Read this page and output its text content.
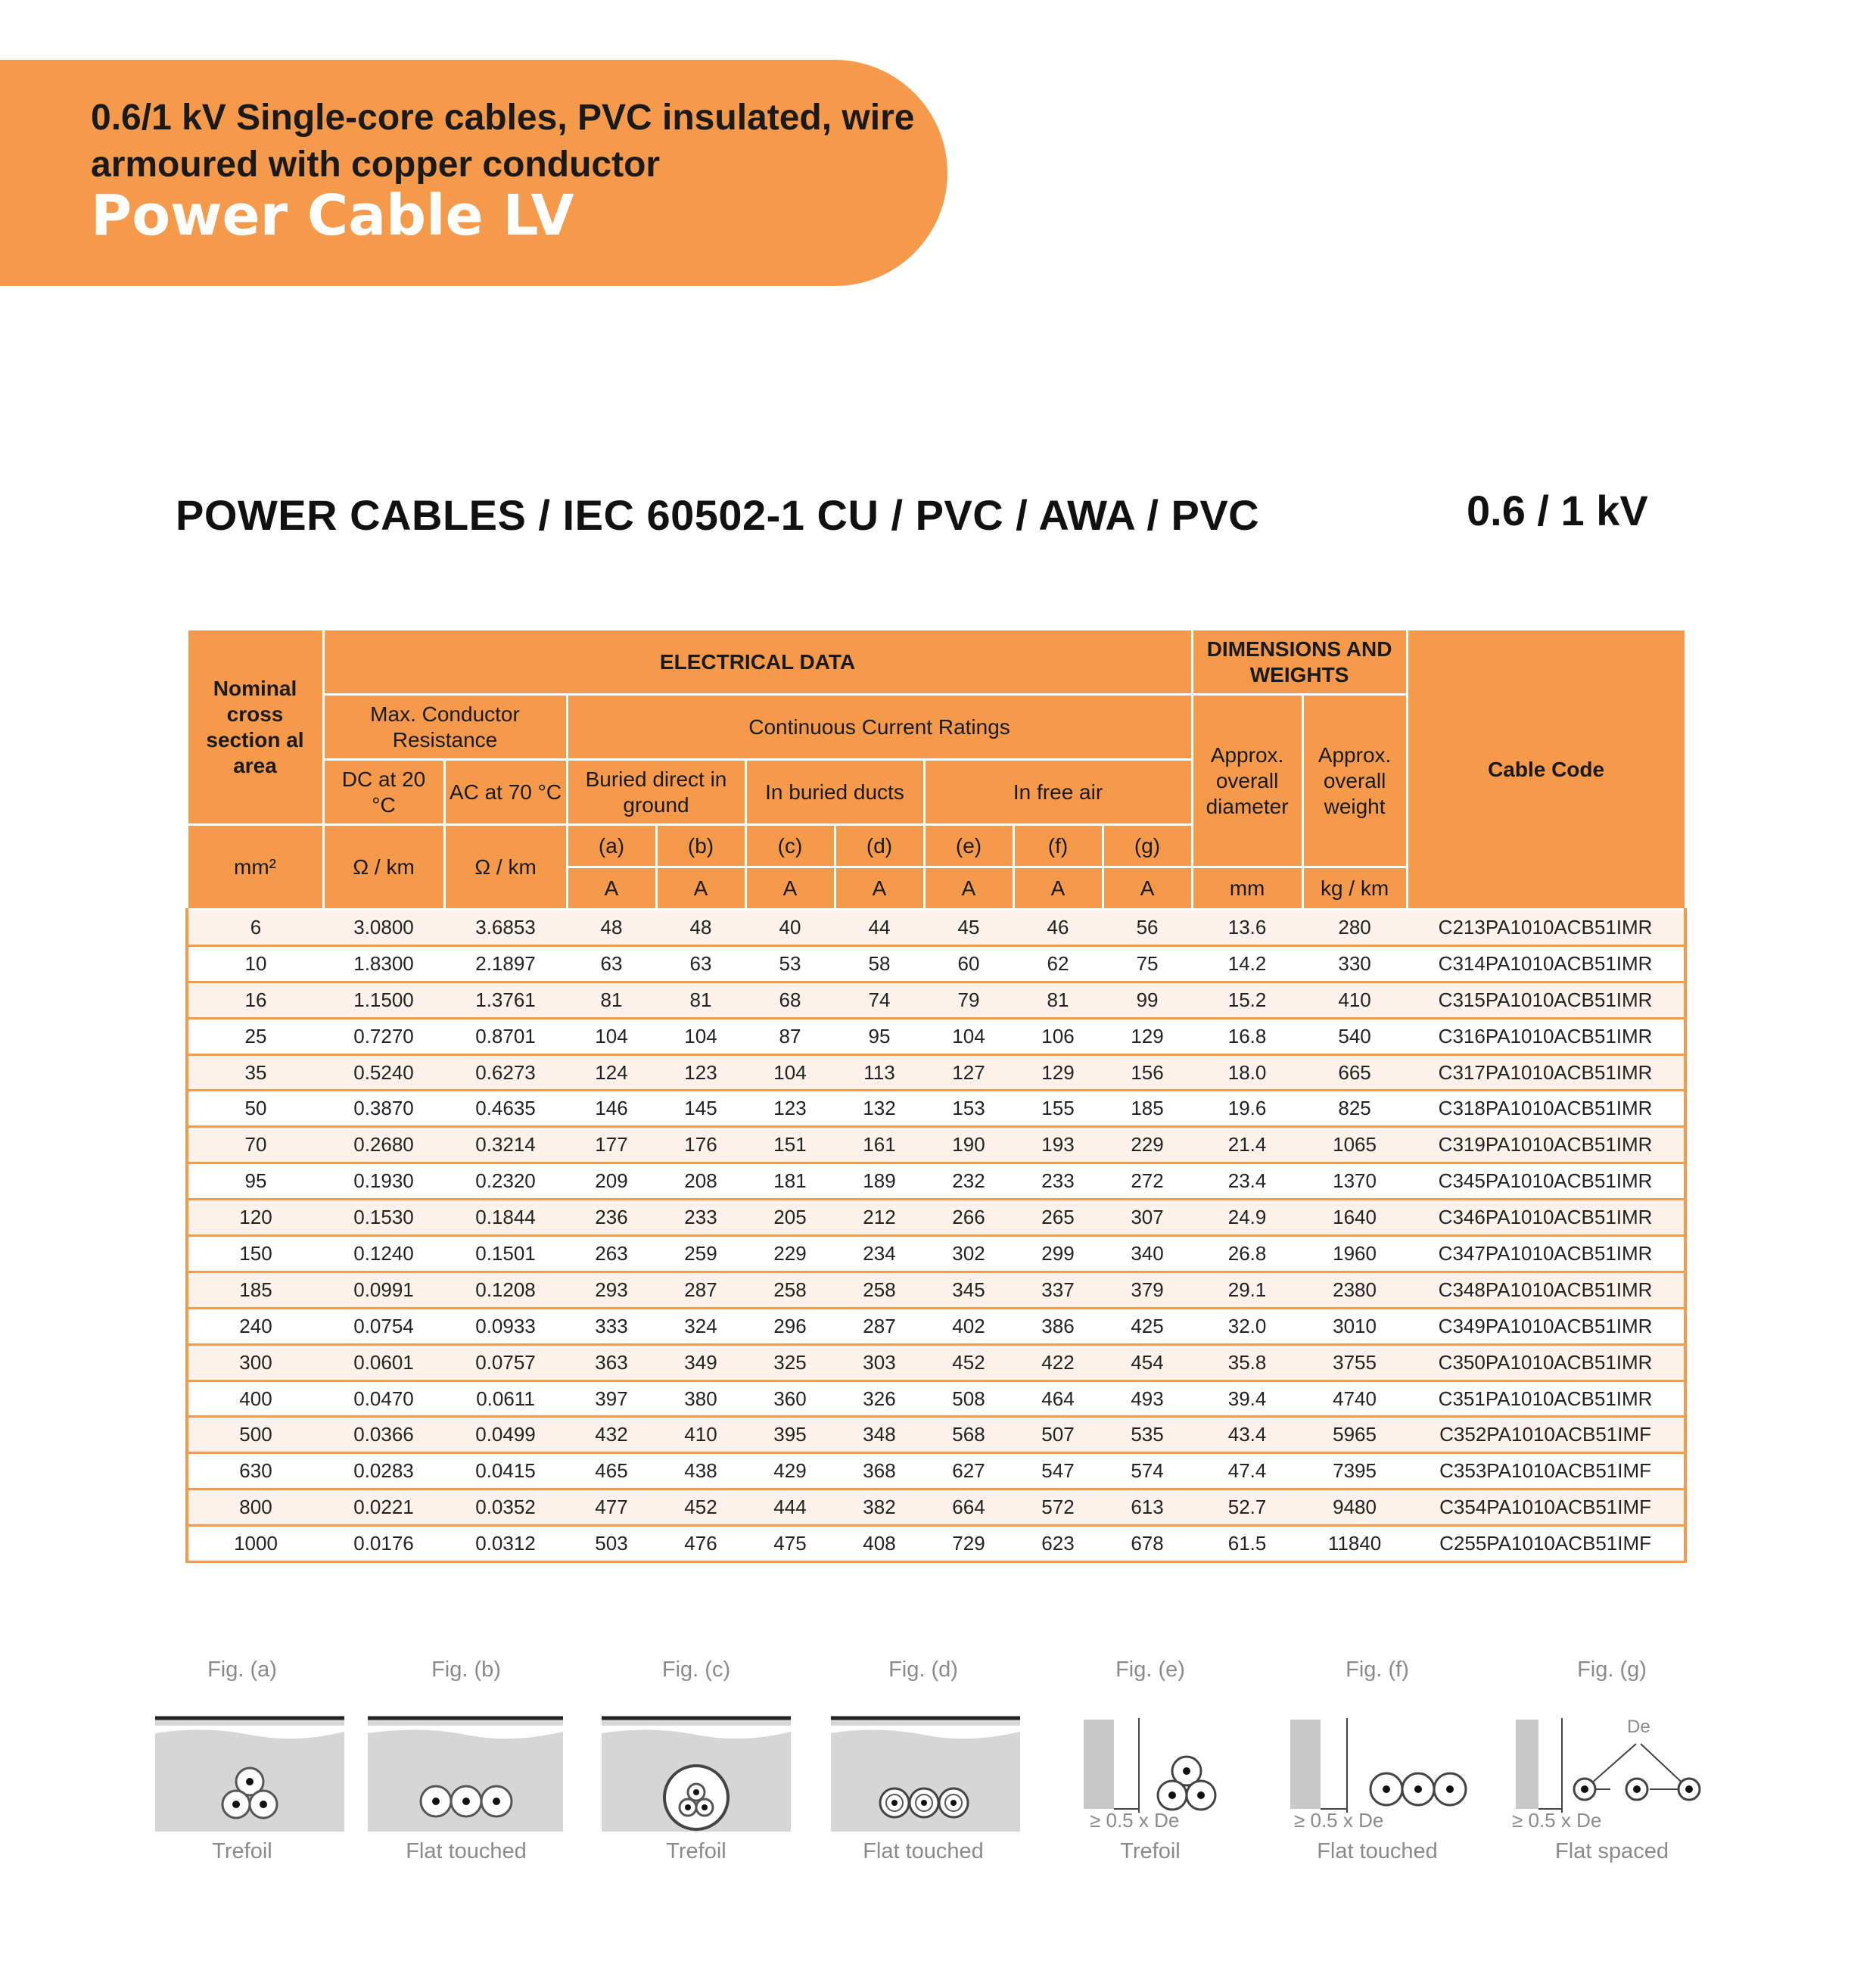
0.6/1 kV Single-core cables, PVC insulated, wire armoured with copper conductor
Power Cable LV
POWER CABLES / IEC 60502-1 CU / PVC / AWA / PVC	0.6 / 1 kV
Nominal cross section al area	ELECTRICAL DATA									DIMENSIONS AND WEIGHTS		Cable Code
	Max. Conductor Resistance		Continuous Current Ratings							Approx. overall diameter	Approx. overall weight	
	DC at 20 °C	AC at 70 °C	Buried direct in ground		In buried ducts		In free air					
mm²	Ω / km	Ω / km	(a)	(b)	(c)	(d)	(e)	(f)	(g)			
			A	A	A	A	A	A	A	mm	kg / km	
6	3.0800	3.6853	48	48	40	44	45	46	56	13.6	280	C213PA1010ACB51IMR
10	1.8300	2.1897	63	63	53	58	60	62	75	14.2	330	C314PA1010ACB51IMR
16	1.1500	1.3761	81	81	68	74	79	81	99	15.2	410	C315PA1010ACB51IMR
25	0.7270	0.8701	104	104	87	95	104	106	129	16.8	540	C316PA1010ACB51IMR
35	0.5240	0.6273	124	123	104	113	127	129	156	18.0	665	C317PA1010ACB51IMR
50	0.3870	0.4635	146	145	123	132	153	155	185	19.6	825	C318PA1010ACB51IMR
70	0.2680	0.3214	177	176	151	161	190	193	229	21.4	1065	C319PA1010ACB51IMR
95	0.1930	0.2320	209	208	181	189	232	233	272	23.4	1370	C345PA1010ACB51IMR
120	0.1530	0.1844	236	233	205	212	266	265	307	24.9	1640	C346PA1010ACB51IMR
150	0.1240	0.1501	263	259	229	234	302	299	340	26.8	1960	C347PA1010ACB51IMR
185	0.0991	0.1208	293	287	258	258	345	337	379	29.1	2380	C348PA1010ACB51IMR
240	0.0754	0.0933	333	324	296	287	402	386	425	32.0	3010	C349PA1010ACB51IMR
300	0.0601	0.0757	363	349	325	303	452	422	454	35.8	3755	C350PA1010ACB51IMR
400	0.0470	0.0611	397	380	360	326	508	464	493	39.4	4740	C351PA1010ACB51IMR
500	0.0366	0.0499	432	410	395	348	568	507	535	43.4	5965	C352PA1010ACB51IMF
630	0.0283	0.0415	465	438	429	368	627	547	574	47.4	7395	C353PA1010ACB51IMF
800	0.0221	0.0352	477	452	444	382	664	572	613	52.7	9480	C354PA1010ACB51IMF
1000	0.0176	0.0312	503	476	475	408	729	623	678	61.5	11840	C255PA1010ACB51IMF
Fig. (a)
Trefoil
Fig. (b)
Flat touched
Fig. (c)
Trefoil
Fig. (d)
Flat touched
Fig. (e)
≥ 0.5 x De
Trefoil
Fig. (f)
≥ 0.5 x De
Flat touched
Fig. (g)
De
≥ 0.5 x De
Flat spaced
